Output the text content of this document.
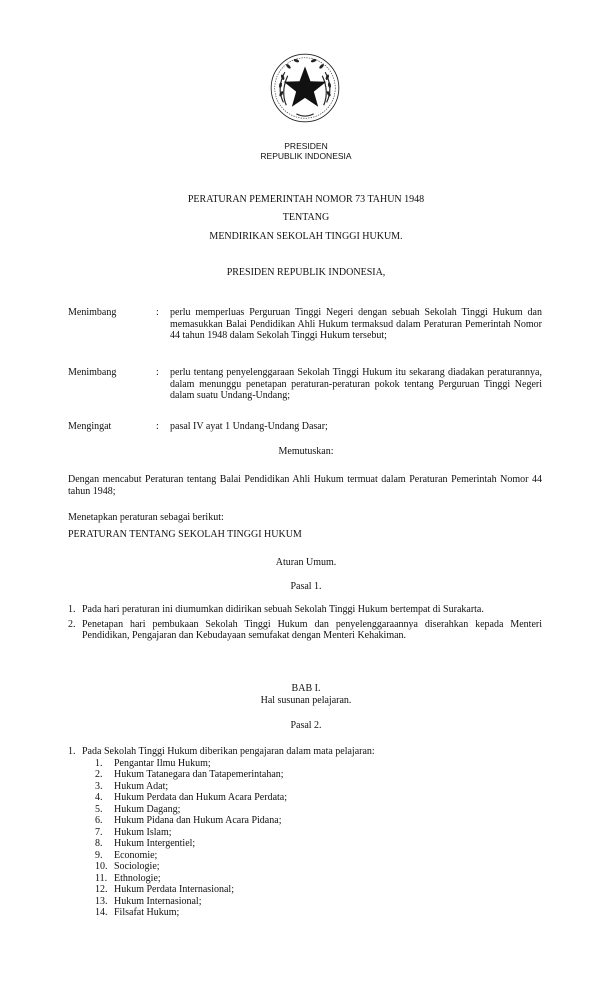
PRESIDEN
REPUBLIK INDONESIA
PERATURAN PEMERINTAH NOMOR 73 TAHUN 1948
TENTANG
MENDIRIKAN SEKOLAH TINGGI HUKUM.
PRESIDEN REPUBLIK INDONESIA,
Menimbang	: perlu memperluas Perguruan Tinggi Negeri dengan sebuah Sekolah Tinggi Hukum dan memasukkan Balai Pendidikan Ahli Hukum termaksud dalam Peraturan Pemerintah Nomor 44 tahun 1948 dalam Sekolah Tinggi Hukum tersebut;
Menimbang	: perlu tentang penyelenggaraan Sekolah Tinggi Hukum itu sekarang diadakan peraturannya, dalam menunggu penetapan peraturan-peraturan pokok tentang Perguruan Tinggi Negeri dalam suatu Undang-Undang;
Mengingat	: pasal IV ayat 1 Undang-Undang Dasar;
Memutuskan:
Dengan mencabut Peraturan tentang Balai Pendidikan Ahli Hukum termuat dalam Peraturan Pemerintah Nomor 44 tahun 1948;
Menetapkan peraturan sebagai berikut:
PERATURAN TENTANG SEKOLAH TINGGI HUKUM
Aturan Umum.
Pasal 1.
1. Pada hari peraturan ini diumumkan didirikan sebuah Sekolah Tinggi Hukum bertempat di Surakarta.
2. Penetapan hari pembukaan Sekolah Tinggi Hukum dan penyelenggaraannya diserahkan kepada Menteri Pendidikan, Pengajaran dan Kebudayaan semufakat dengan Menteri Kehakiman.
BAB I.
Hal susunan pelajaran.
Pasal 2.
1. Pada Sekolah Tinggi Hukum diberikan pengajaran dalam mata pelajaran:
1. Pengantar Ilmu Hukum;
2. Hukum Tatanegara dan Tatapemerintahan;
3. Hukum Adat;
4. Hukum Perdata dan Hukum Acara Perdata;
5. Hukum Dagang;
6. Hukum Pidana dan Hukum Acara Pidana;
7. Hukum Islam;
8. Hukum Intergentiel;
9. Economie;
10. Sociologie;
11. Ethnologie;
12. Hukum Perdata Internasional;
13. Hukum Internasional;
14. Filsafat Hukum;
